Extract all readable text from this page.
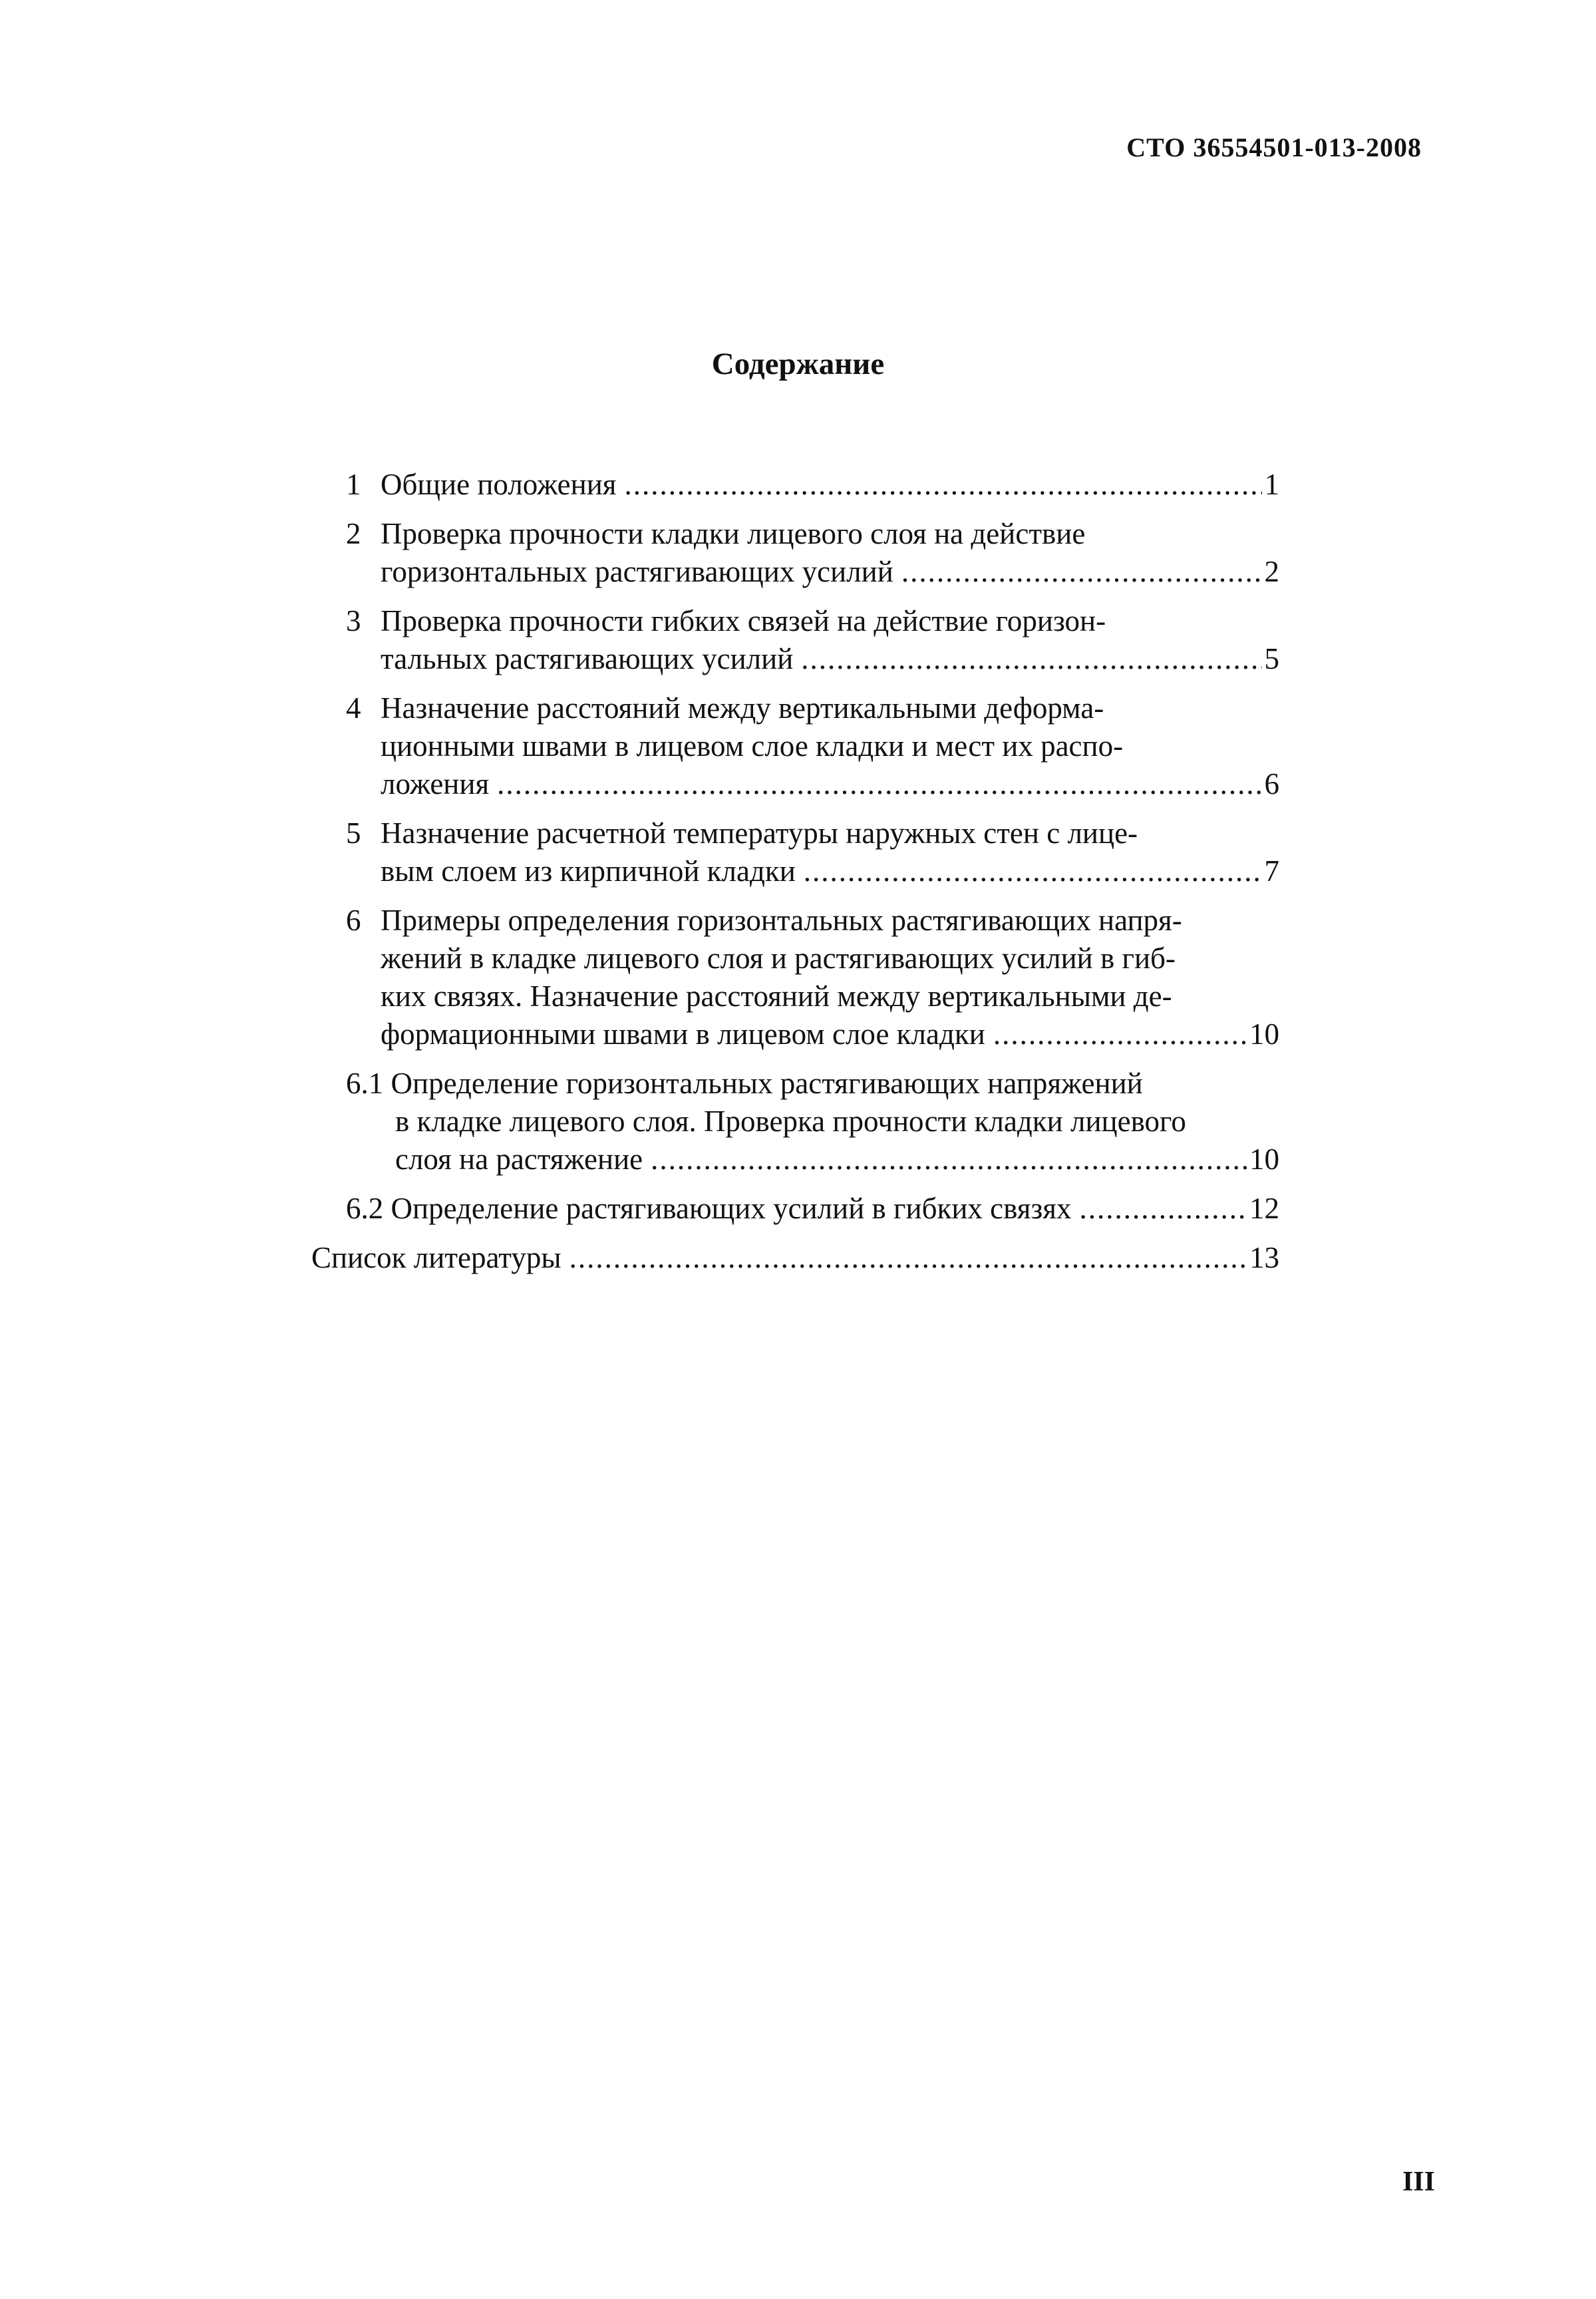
СТО 36554501-013-2008
Содержание
1 Общие положения .....	1
2 Проверка прочности кладки лицевого слоя на действие
горизонтальных растягивающих усилий .....	2
3 Проверка прочности гибких связей на действие горизон-
тальных растягивающих усилий .....	5
4 Назначение расстояний между вертикальными деформа-
ционными швами в лицевом слое кладки и мест их распо-
ложения .....	6
5 Назначение расчетной температуры наружных стен с лице-
вым слоем из кирпичной кладки .....	7
6 Примеры определения горизонтальных растягивающих напря-
жений в кладке лицевого слоя и растягивающих усилий в гиб-
ких связях. Назначение расстояний между вертикальными де-
формационными швами в лицевом слое кладки .....	10
6.1 Определение горизонтальных растягивающих напряжений
в кладке лицевого слоя. Проверка прочности кладки лицевого
слоя на растяжение .....	10
6.2 Определение растягивающих усилий в гибких связях .....	12
Список литературы .....	13
III
